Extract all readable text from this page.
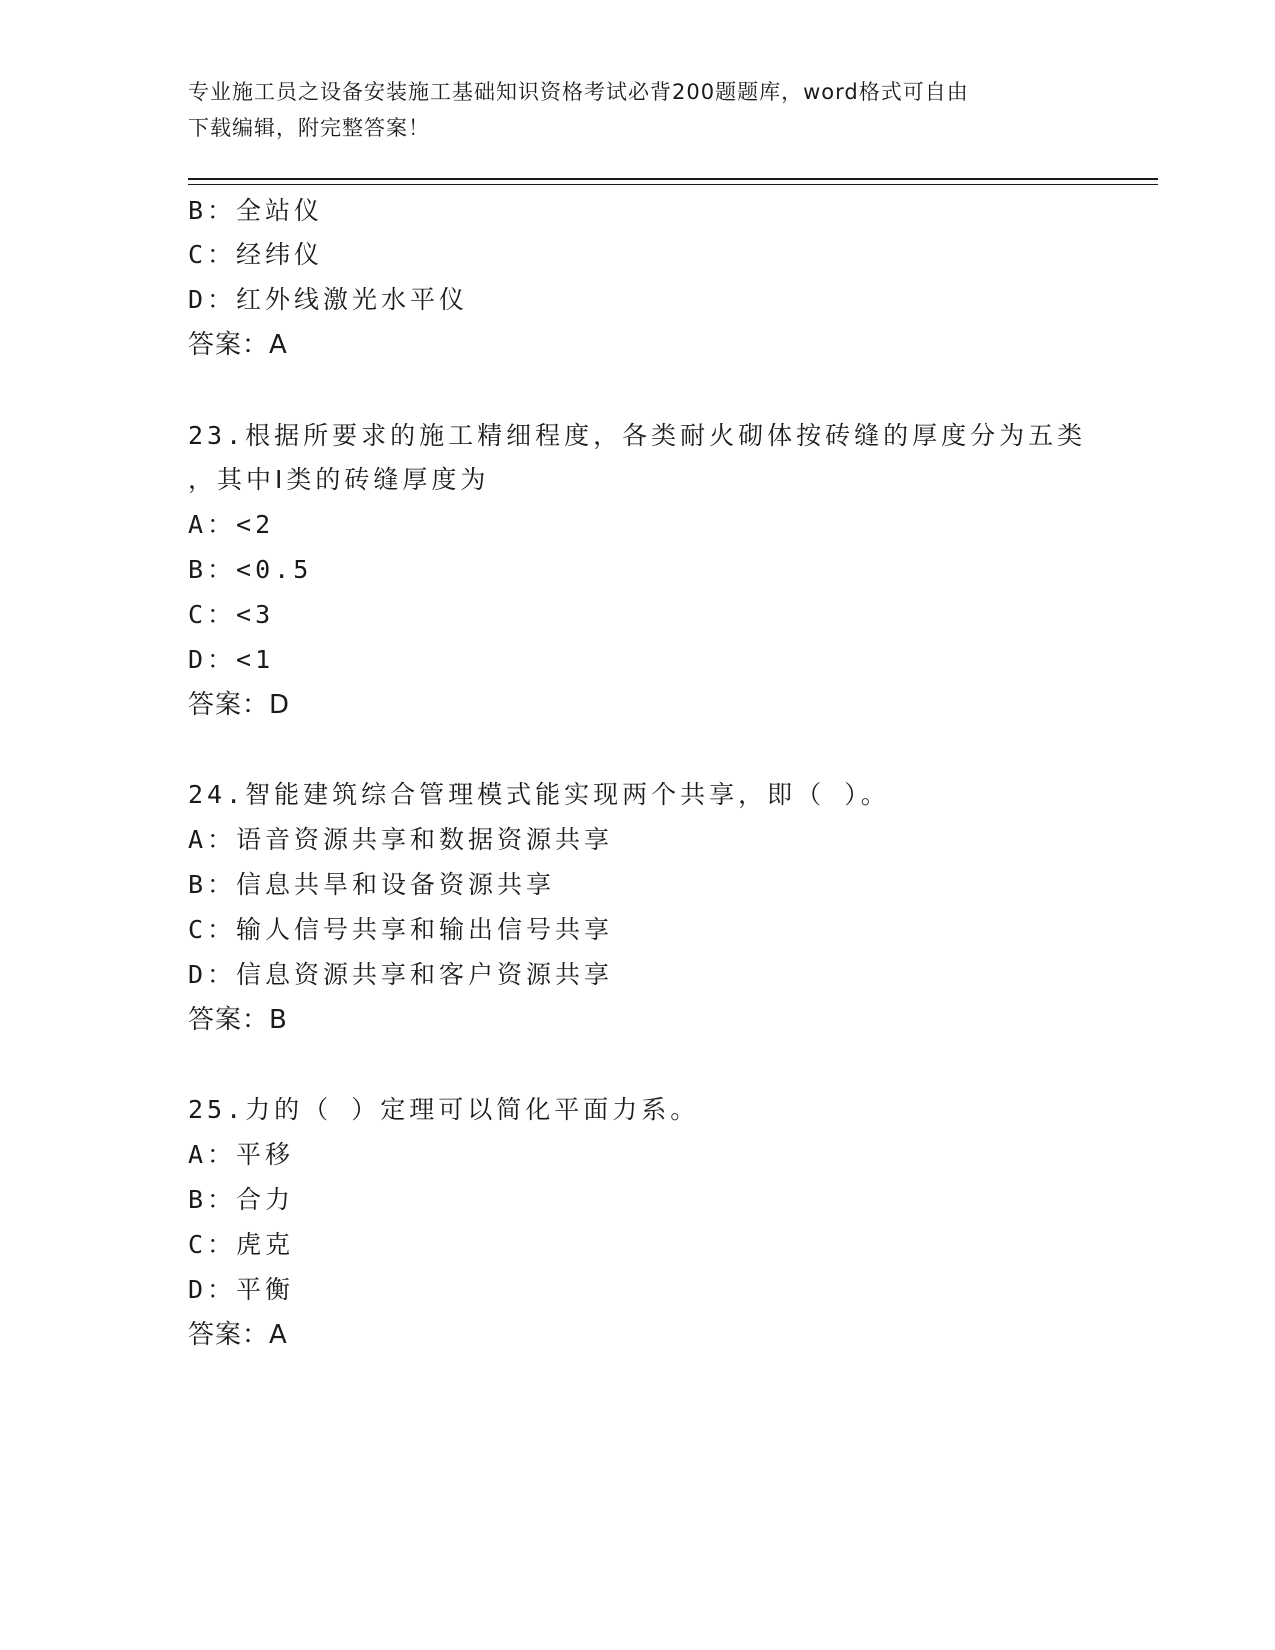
专业施工员之设备安装施工基础知识资格考试必背200题题库，word格式可自由
下载编辑，附完整答案！
B：全站仪
C：经纬仪
D：红外线激光水平仪
答案：A
23.根据所要求的施工精细程度，各类耐火砌体按砖缝的厚度分为五类
，其中Ⅰ类的砖缝厚度为
A：<2
B：<0.5
C：<3
D：<1
答案：D
24.智能建筑综合管理模式能实现两个共享，即（ ）。
A：语音资源共享和数据资源共享
B：信息共旱和设备资源共享
C：输人信号共享和输出信号共享
D：信息资源共享和客户资源共享
答案：B
25.力的（ ）定理可以简化平面力系。
A：平移
B：合力
C：虎克
D：平衡
答案：A
